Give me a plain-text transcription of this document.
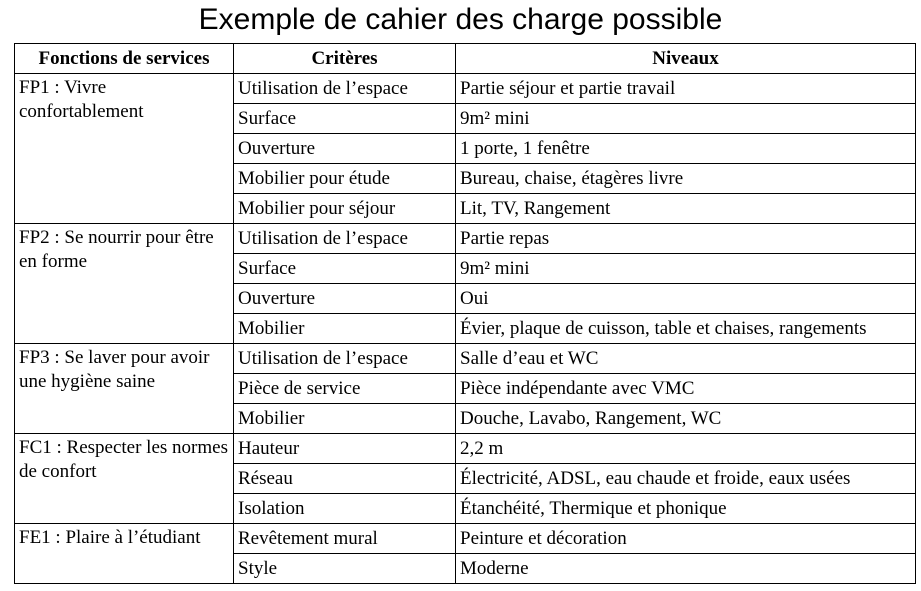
Exemple de cahier des charge possible
Fonctions de services	Critères	Niveaux
FP1 : Vivre confortablement	Utilisation de l’espace	Partie séjour et partie travail
	Surface	9m² mini
	Ouverture	1 porte, 1 fenêtre
	Mobilier pour étude	Bureau, chaise, étagères livre
	Mobilier pour séjour	Lit, TV, Rangement
FP2 : Se nourrir pour être en forme	Utilisation de l’espace	Partie repas
	Surface	9m² mini
	Ouverture	Oui
	Mobilier	Évier, plaque de cuisson, table et chaises, rangements
FP3 : Se laver pour avoir une hygiène saine	Utilisation de l’espace	Salle d’eau et WC
	Pièce de service	Pièce indépendante avec VMC
	Mobilier	Douche, Lavabo, Rangement, WC
FC1 : Respecter les normes de confort	Hauteur	2,2 m
	Réseau	Électricité, ADSL, eau chaude et froide, eaux usées
	Isolation	Étanchéité, Thermique et phonique
FE1 : Plaire à l’étudiant	Revêtement mural	Peinture et décoration
	Style	Moderne
